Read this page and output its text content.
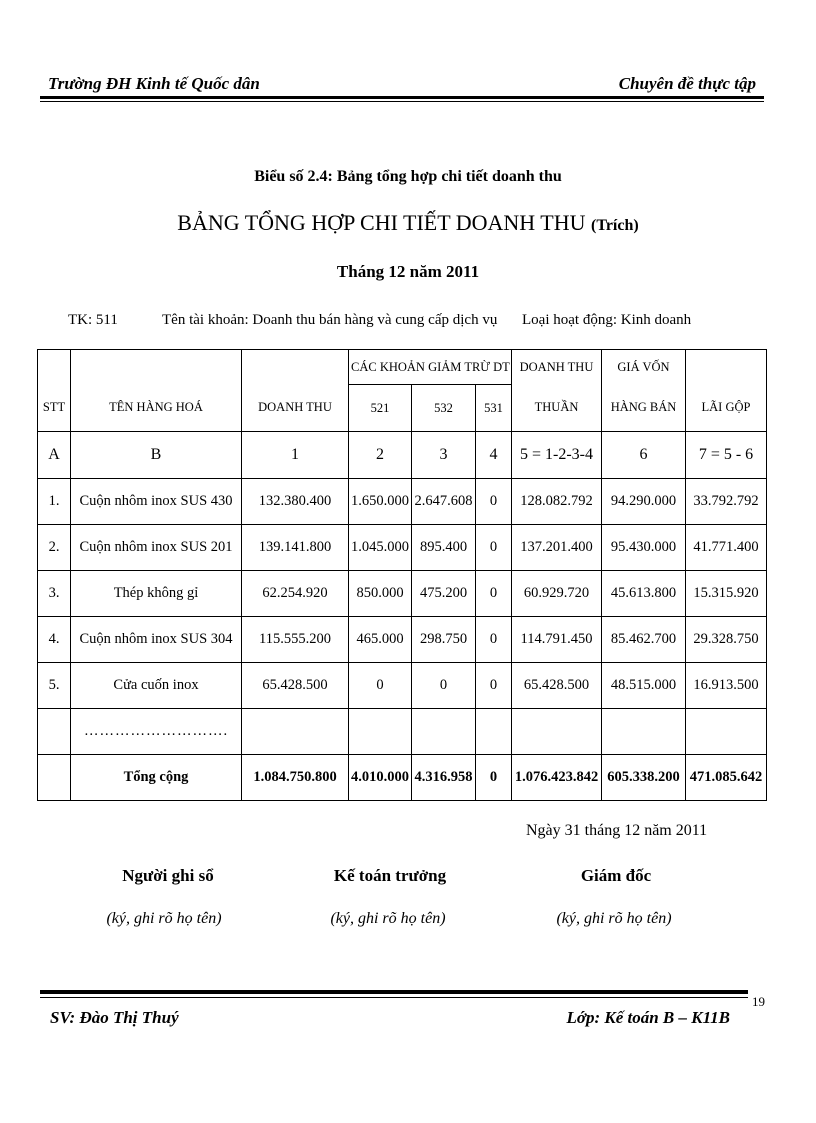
Trường ĐH Kinh tế Quốc dân	Chuyên đề thực tập
Biểu số 2.4: Bảng tổng hợp chi tiết doanh thu
BẢNG TỔNG HỢP CHI TIẾT DOANH THU (Trích)
Tháng 12 năm 2011
TK: 511	Tên tài khoản: Doanh thu bán hàng và cung cấp dịch vụ Loại hoạt động: Kinh doanh
			CÁC KHOẢN GIẢM TRỪ DT			DOANH THU	GIÁ VỐN	
STT	TÊN HÀNG HOÁ	DOANH THU	521	532	531	THUẦN	HÀNG BÁN	LÃI GỘP
A	B	1	2	3	4	5 = 1-2-3-4	6	7 = 5 - 6
1.	Cuộn nhôm inox SUS 430	132.380.400	1.650.000	2.647.608	0	128.082.792	94.290.000	33.792.792
2.	Cuộn nhôm inox SUS 201	139.141.800	1.045.000	895.400	0	137.201.400	95.430.000	41.771.400
3.	Thép không gỉ	62.254.920	850.000	475.200	0	60.929.720	45.613.800	15.315.920
4.	Cuộn nhôm inox SUS 304	115.555.200	465.000	298.750	0	114.791.450	85.462.700	29.328.750
5.	Cửa cuốn inox	65.428.500	0	0	0	65.428.500	48.515.000	16.913.500
	……………………….							
	Tổng cộng	1.084.750.800	4.010.000	4.316.958	0	1.076.423.842	605.338.200	471.085.642
Ngày 31 tháng 12 năm 2011
Người ghi sổ
(ký, ghi rõ họ tên)
Kế toán trưởng
(ký, ghi rõ họ tên)
Giám đốc
(ký, ghi rõ họ tên)
SV: Đào Thị Thuý	Lớp: Kế toán B – K11B
19
